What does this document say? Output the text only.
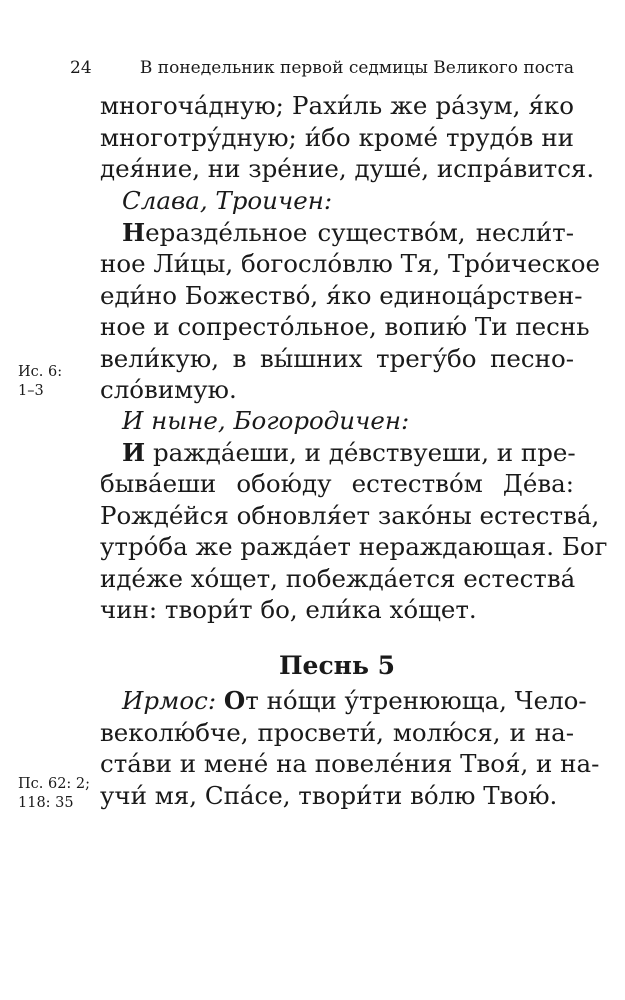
24	В понедельник первой седмицы Великого поста
многоча́дную; Рахи́ль же ра́зум, я́ко
многотру́дную; и́бо кроме́ трудо́в ни
дея́ние, ни зре́ние, душе́, испра́вится.
Слава, Троичен:
Неразде́льное существо́м, несли́т-
ное Ли́цы, богосло́влю Тя, Тро́ическое
еди́но Божество́, я́ко единоца́рствен-
ное и сопресто́льное, вопию́ Ти песнь
вели́кую, в вы́шних трегу́бо песно-
сло́вимую.
И ныне, Богородичен:
И ражда́еши, и де́вствуеши, и пре-
быва́еши обою́ду естество́м Де́ва:
Рожде́йся обновля́ет зако́ны естества́,
утро́ба же ражда́ет нераждающая. Бог
иде́же хо́щет, побежда́ется естества́
чин: твори́т бо, ели́ка хо́щет.
Песнь 5
Ирмос: От но́щи у́тренююща, Чело-
веколю́бче, просвети́, молю́ся, и на-
ста́ви и мене́ на повеле́ния Твоя́, и на-
учи́ мя, Спа́се, твори́ти во́лю Твою́.
Ис. 6:
1–3
Пс. 62: 2;
118: 35
